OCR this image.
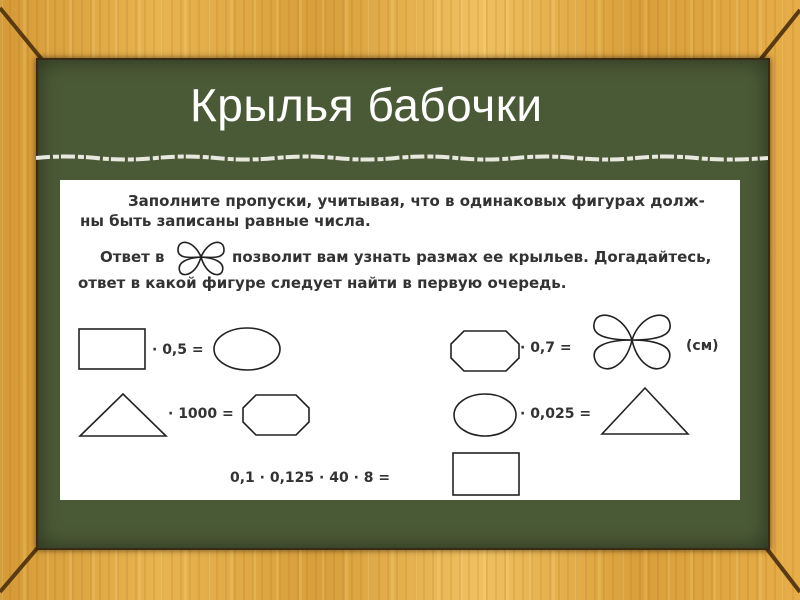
Крылья бабочки
Заполните пропуски, учитывая, что в одинаковых фигурах долж-
ны быть записаны равные числа.
Ответ в	позволит вам узнать размах ее крыльев. Догадайтесь,
ответ в какой фигуре следует найти в первую очередь.
· 0,5 =	· 0,7 =	(см)
· 1000 =	· 0,025 =
0,1 · 0,125 · 40 · 8 =
